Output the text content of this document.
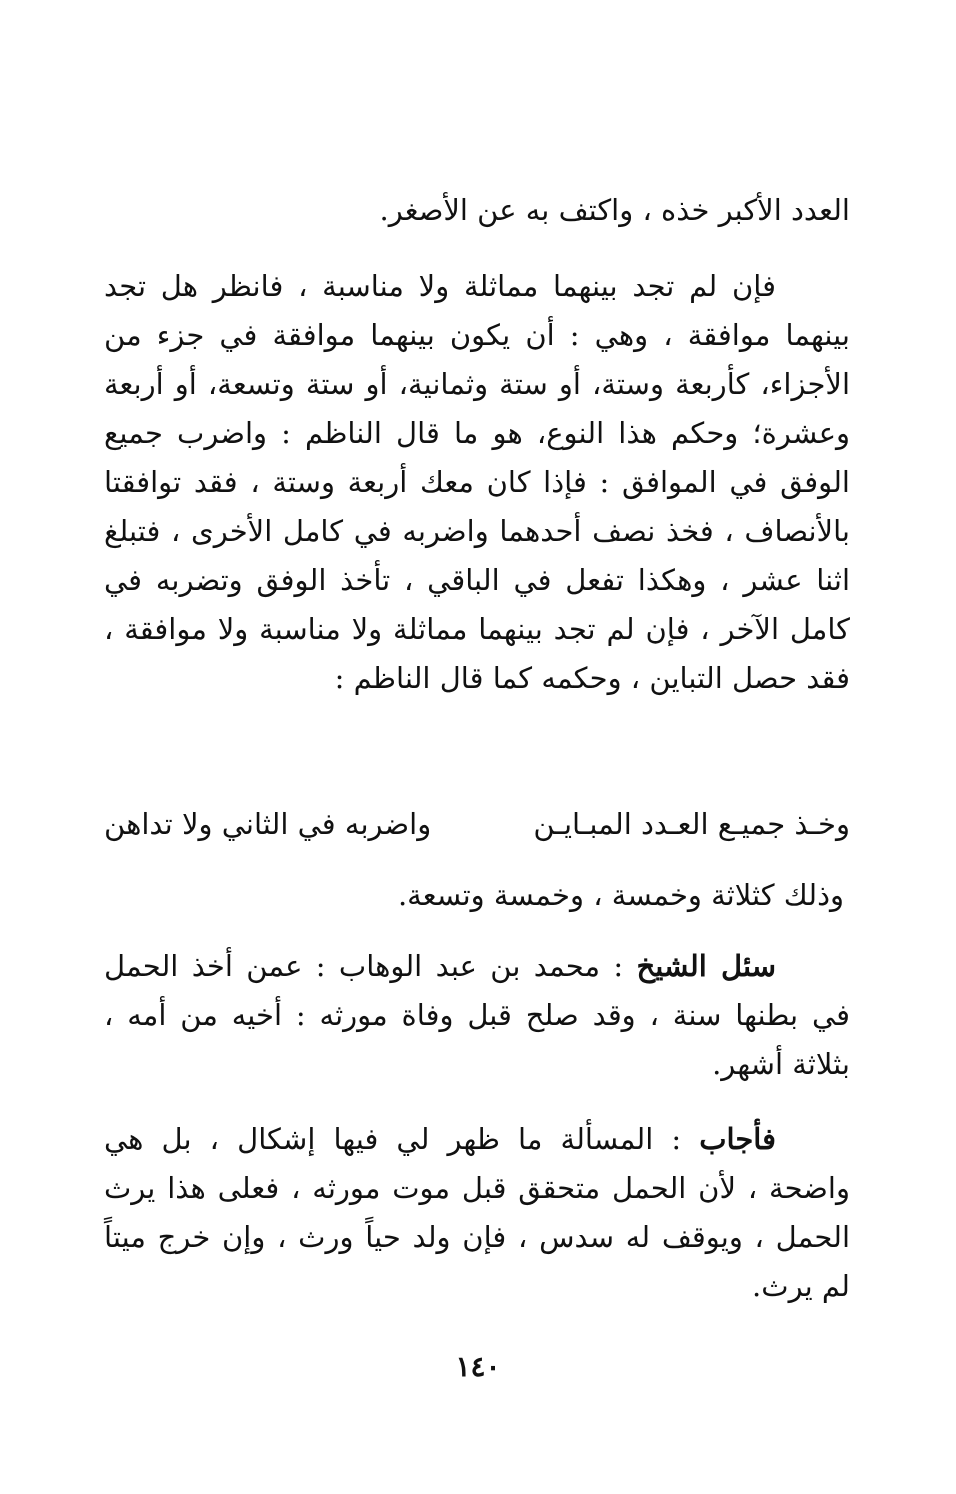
العدد الأكبر خذه ، واكتف به عن الأصغر.

فإن لم تجد بينهما مماثلة ولا مناسبة ، فانظر هل تجد بينهما موافقة ، وهي : أن يكون بينهما موافقة في جزء من الأجزاء، كأربعة وستة، أو ستة وثمانية، أو ستة وتسعة، أو أربعة وعشرة؛ وحكم هذا النوع، هو ما قال الناظم : واضرب جميع الوفق في الموافق : فإذا كان معك أربعة وستة ، فقد توافقتا بالأنصاف ، فخذ نصف أحدهما واضربه في كامل الأخرى ، فتبلغ اثنا عشر ، وهكذا تفعل في الباقي ، تأخذ الوفق وتضربه في كامل الآخر ، فإن لم تجد بينهما مماثلة ولا مناسبة ولا موافقة ، فقد حصل التباين ، وحكمه كما قال الناظم :

وخـذ جميـع العـدد المبـايـن
واضربه في الثاني ولا تداهن
وذلك كثلاثة وخمسة ، وخمسة وتسعة.

سئل الشيخ : محمد بن عبد الوهاب : عمن أخذ الحمل في بطنها سنة ، وقد صلح قبل وفاة مورثه : أخيه من أمه ، بثلاثة أشهر.

فأجاب : المسألة ما ظهر لي فيها إشكال ، بل هي واضحة ، لأن الحمل متحقق قبل موت مورثه ، فعلى هذا يرث الحمل ، ويوقف له سدس ، فإن ولد حياً ورث ، وإن خرج ميتاً لم يرث.

١٤٠
